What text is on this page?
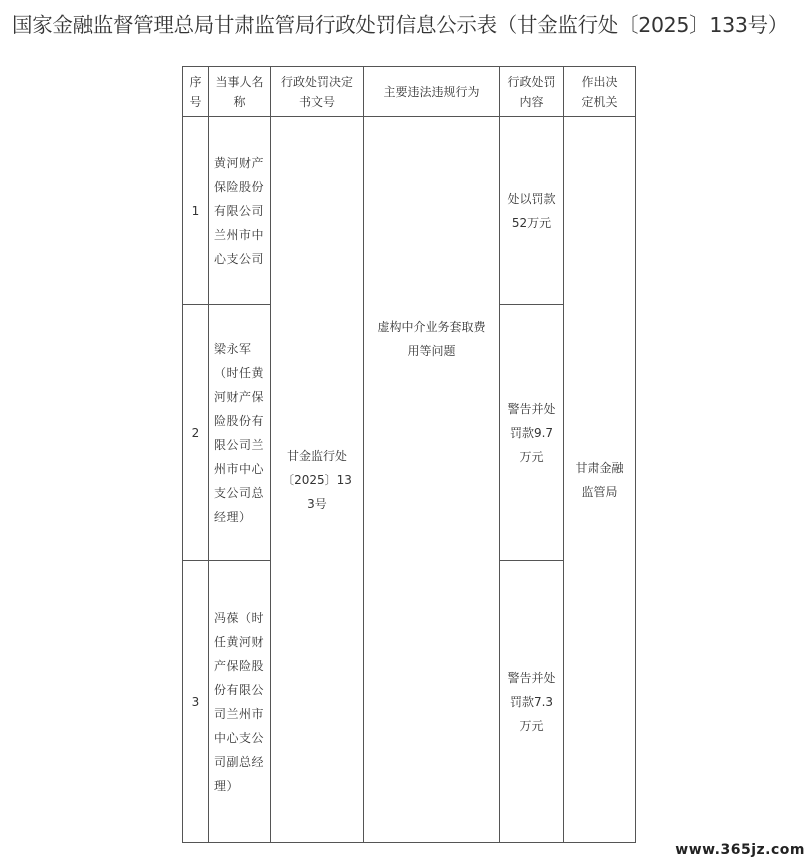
国家金融监督管理总局甘肃监管局行政处罚信息公示表（甘金监行处〔2025〕133号）
序号	当事人名称	行政处罚决定书文号	主要违法违规行为	行政处罚内容	作出决定机关
1	黄河财产保险股份有限公司兰州市中心支公司	甘金监行处〔2025〕133号	虚构中介业务套取费用等问题	处以罚款52万元	甘肃金融监管局
2	梁永军（时任黄河财产保险股份有限公司兰州市中心支公司总经理）			警告并处罚款9.7万元	
3	冯葆（时任黄河财产保险股份有限公司兰州市中心支公司副总经理）			警告并处罚款7.3万元	
www.365jz.com
